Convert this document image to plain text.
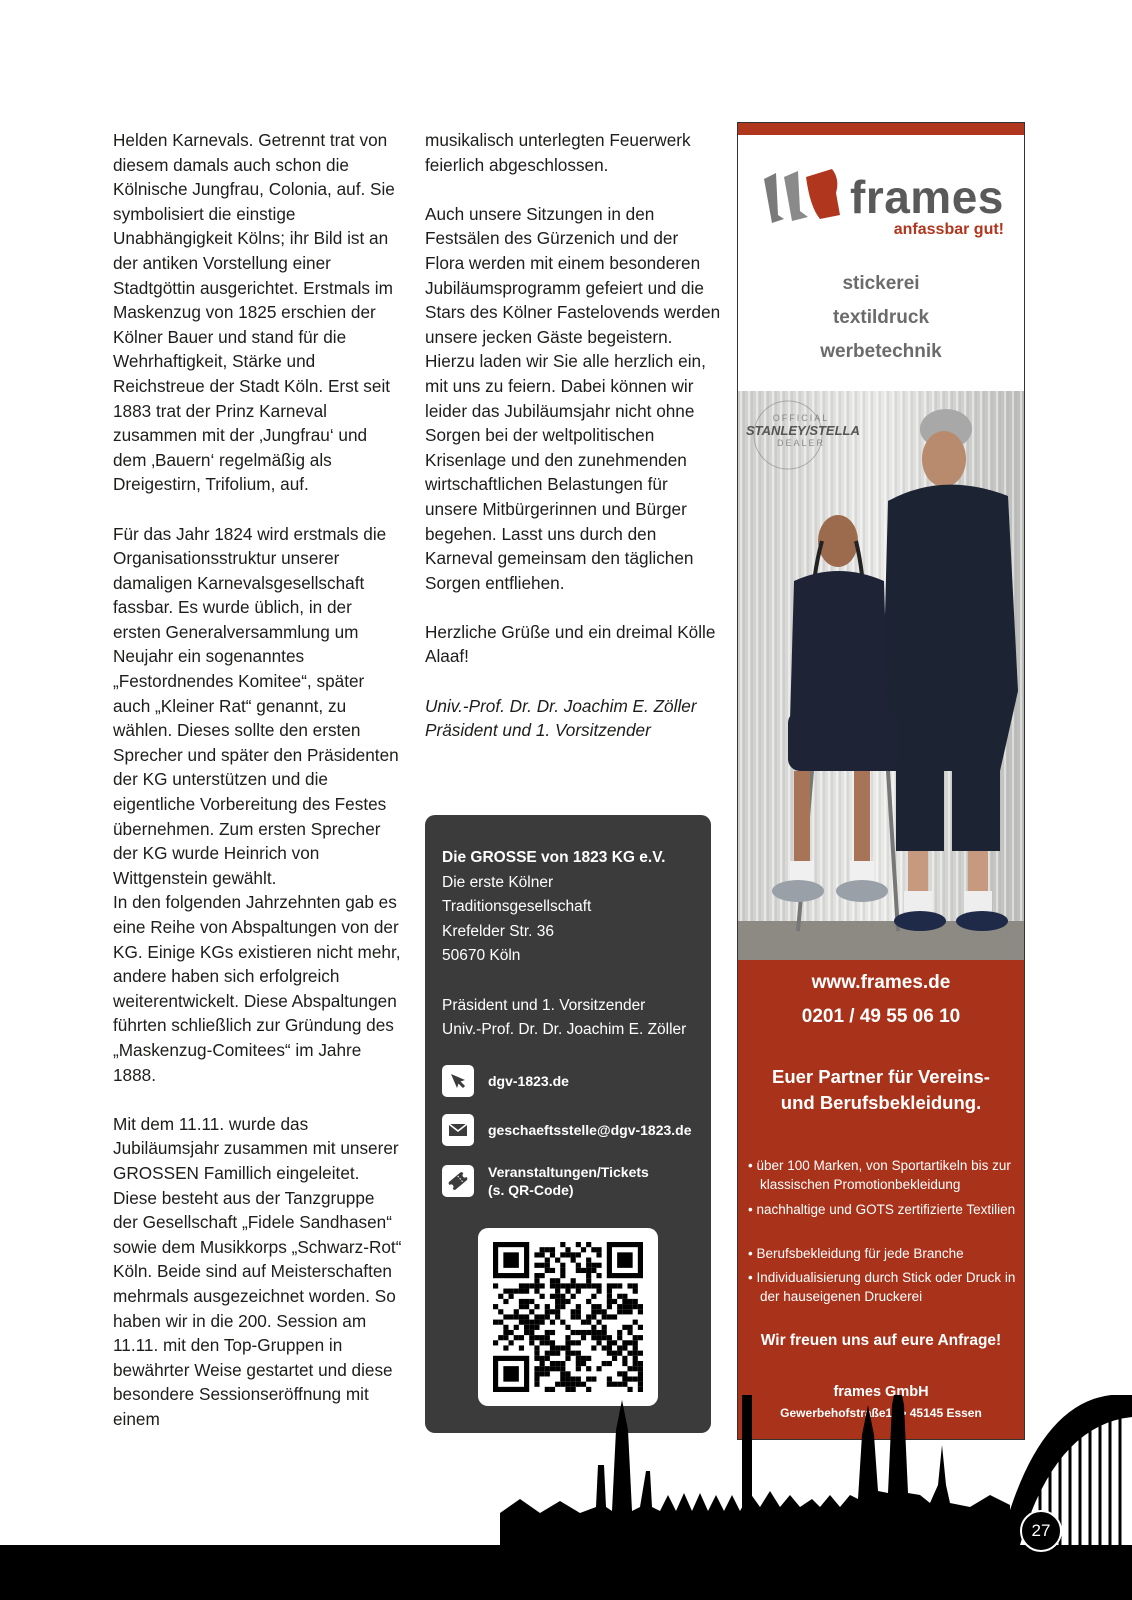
Helden Karnevals. Getrennt trat von diesem damals auch schon die Kölnische Jungfrau, Colonia, auf. Sie symbolisiert die einstige Unabhängigkeit Kölns; ihr Bild ist an der antiken Vorstellung einer Stadtgöttin ausgerichtet. Erstmals im Maskenzug von 1825 erschien der Kölner Bauer und stand für die Wehrhaftigkeit, Stärke und Reichstreue der Stadt Köln. Erst seit 1883 trat der Prinz Karneval zusammen mit der ‚Jungfrau‘ und dem ‚Bauern‘ regelmäßig als Dreigestirn, Trifolium, auf.

Für das Jahr 1824 wird erstmals die Organisationsstruktur unserer damaligen Karnevalsgesellschaft fassbar. Es wurde üblich, in der ersten Generalversammlung um Neujahr ein sogenanntes „Festordnendes Komitee“, später auch „Kleiner Rat“ genannt, zu wählen. Dieses sollte den ersten Sprecher und später den Präsidenten der KG unterstützen und die eigentliche Vorbereitung des Festes übernehmen. Zum ersten Sprecher der KG wurde Heinrich von Wittgenstein gewählt.

In den folgenden Jahrzehnten gab es eine Reihe von Abspaltungen von der KG. Einige KGs existieren nicht mehr, andere haben sich erfolgreich weiterentwickelt. Diese Abspaltungen führten schließlich zur Gründung des „Maskenzug-Comitees“ im Jahre 1888.

Mit dem 11.11. wurde das Jubiläumsjahr zusammen mit unserer GROSSEN Famillich eingeleitet. Diese besteht aus der Tanzgruppe der Gesellschaft „Fidele Sandhasen“ sowie dem Musikkorps „Schwarz-Rot“ Köln. Beide sind auf Meisterschaften mehrmals ausgezeichnet worden. So haben wir in die 200. Session am 11.11. mit den Top-Gruppen in bewährter Weise gestartet und diese besondere Sessionseröffnung mit einem

musikalisch unterlegten Feuerwerk feierlich abgeschlossen.

Auch unsere Sitzungen in den Festsälen des Gürzenich und der Flora werden mit einem besonderen Jubiläumsprogramm gefeiert und die Stars des Kölner Fastelovends werden unsere jecken Gäste begeistern.

Hierzu laden wir Sie alle herzlich ein, mit uns zu feiern. Dabei können wir leider das Jubiläumsjahr nicht ohne Sorgen bei der weltpolitischen Krisenlage und den zunehmenden wirtschaftlichen Belastungen für unsere Mitbürgerinnen und Bürger begehen. Lasst uns durch den Karneval gemeinsam den täglichen Sorgen entfliehen.

Herzliche Grüße und ein dreimal Kölle Alaaf!

Univ.-Prof. Dr. Dr. Joachim E. Zöller
Präsident und 1. Vorsitzender

Die GROSSE von 1823 KG e.V.
Die erste Kölner
Traditionsgesellschaft
Krefelder Str. 36
50670 Köln
Präsident und 1. Vorsitzender
Univ.-Prof. Dr. Dr. Joachim E. Zöller
dgv-1823.de
geschaeftsstelle@dgv-1823.de
Veranstaltungen/Tickets
(s. QR-Code)
frames
anfassbar gut!
stickerei
textildruck
werbetechnik
OFFICIAL
STANLEY/STELLA
DEALER
www.frames.de
0201 / 49 55 06 10
Euer Partner für Vereins-
und Berufsbekleidung.
• über 100 Marken, von Sportartikeln bis zur klassischen Promotionbekleidung
• nachhaltige und GOTS zertifizierte Textilien
• Berufsbekleidung für jede Branche
• Individualisierung durch Stick oder Druck in der hauseigenen Druckerei
Wir freuen uns auf eure Anfrage!
frames GmbH
Gewerbehofstraße16 • 45145 Essen
27
